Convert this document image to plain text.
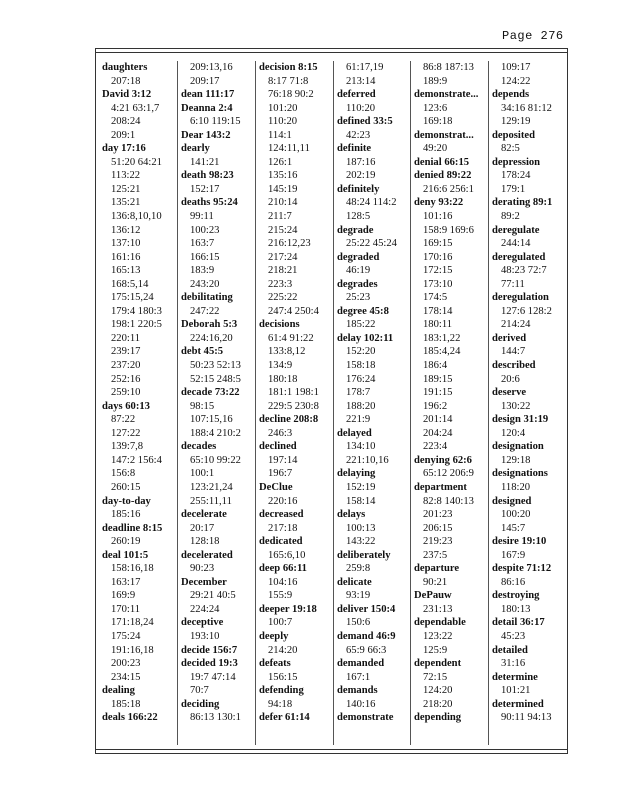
Page 276
daughters
207:18
David 3:12
4:21 63:1,7
208:24
209:1
day 17:16
51:20 64:21
113:22
125:21
135:21
136:8,10,10
136:12
137:10
161:16
165:13
168:5,14
175:15,24
179:4 180:3
198:1 220:5
220:11
239:17
237:20
252:16
259:10
days 60:13
87:22
127:22
139:7,8
147:2 156:4
156:8
260:15
day-to-day
185:16
deadline 8:15
260:19
deal 101:5
158:16,18
163:17
169:9
170:11
171:18,24
175:24
191:16,18
200:23
234:15
dealing
185:18
deals 166:22
209:13,16
209:17
dean 111:17
Deanna 2:4
6:10 119:15
Dear 143:2
dearly
141:21
death 98:23
152:17
deaths 95:24
99:11
100:23
163:7
166:15
183:9
243:20
debilitating
247:22
Deborah 5:3
224:16,20
debt 45:5
50:23 52:13
52:15 248:5
decade 73:22
98:15
107:15,16
188:4 210:2
decades
65:10 99:22
100:1
123:21,24
255:11,11
decelerate
20:17
128:18
decelerated
90:23
December
29:21 40:5
224:24
deceptive
193:10
decide 156:7
decided 19:3
19:7 47:14
70:7
deciding
86:13 130:1
decision 8:15
8:17 71:8
76:18 90:2
101:20
110:20
114:1
124:11,11
126:1
135:16
145:19
210:14
211:7
215:24
216:12,23
217:24
218:21
223:3
225:22
247:4 250:4
decisions
61:4 91:22
133:8,12
134:9
180:18
181:1 198:1
229:5 230:8
decline 208:8
246:3
declined
197:14
196:7
DeClue
220:16
decreased
217:18
dedicated
165:6,10
deep 66:11
104:16
155:9
deeper 19:18
100:7
deeply
214:20
defeats
156:15
defending
94:18
defer 61:14
61:17,19
213:14
deferred
110:20
defined 33:5
42:23
definite
187:16
202:19
definitely
48:24 114:2
128:5
degrade
25:22 45:24
degraded
46:19
degrades
25:23
degree 45:8
185:22
delay 102:11
152:20
158:18
176:24
178:7
188:20
221:9
delayed
134:10
221:10,16
delaying
152:19
158:14
delays
100:13
143:22
deliberately
259:8
delicate
93:19
deliver 150:4
150:6
demand 46:9
65:9 66:3
demanded
167:1
demands
140:16
demonstrate
86:8 187:13
189:9
demonstrate...
123:6
169:18
demonstrat...
49:20
denial 66:15
denied 89:22
216:6 256:1
deny 93:22
101:16
158:9 169:6
169:15
170:16
172:15
173:10
174:5
178:14
180:11
183:1,22
185:4,24
186:4
189:15
191:15
196:2
201:14
204:24
223:4
denying 62:6
65:12 206:9
department
82:8 140:13
201:23
206:15
219:23
237:5
departure
90:21
DePauw
231:13
dependable
123:22
125:9
dependent
72:15
124:20
218:20
depending
109:17
124:22
depends
34:16 81:12
129:19
deposited
82:5
depression
178:24
179:1
derating 89:1
89:2
deregulate
244:14
deregulated
48:23 72:7
77:11
deregulation
127:6 128:2
214:24
derived
144:7
described
20:6
deserve
130:22
design 31:19
120:4
designation
129:18
designations
118:20
designed
100:20
145:7
desire 19:10
167:9
despite 71:12
86:16
destroying
180:13
detail 36:17
45:23
detailed
31:16
determine
101:21
determined
90:11 94:13
